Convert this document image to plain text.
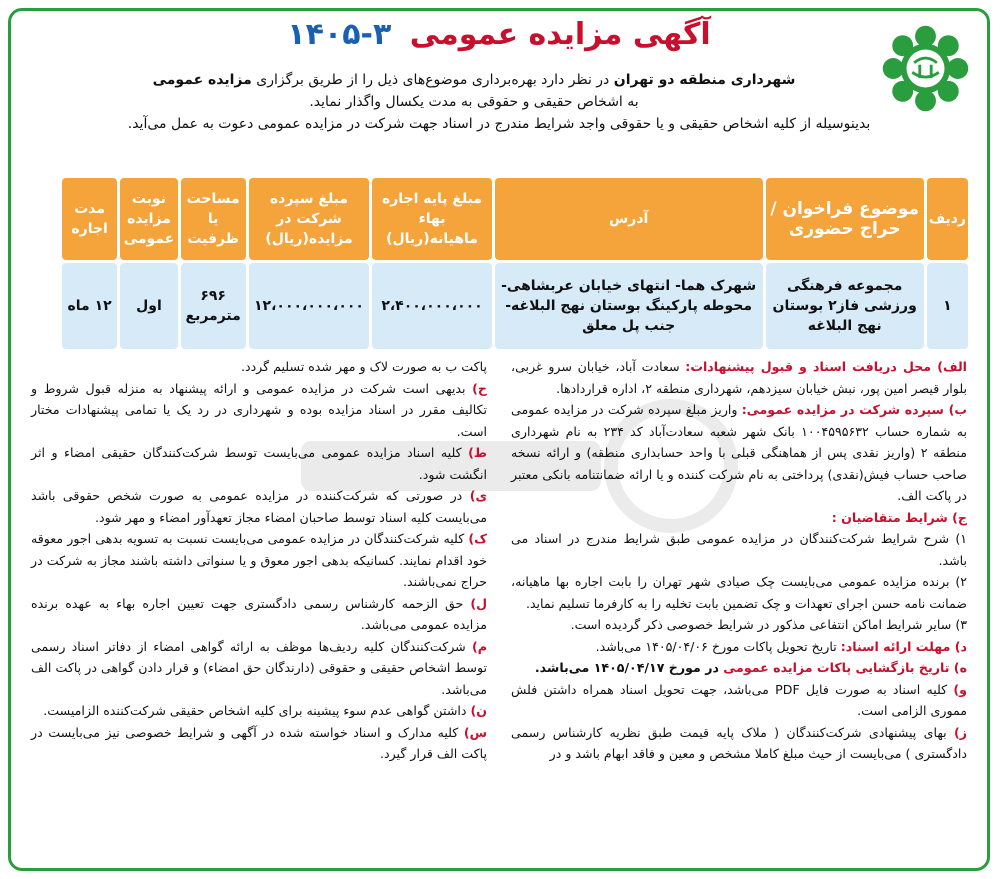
آگهی مزایده عمومی ۳-۱۴۰۵
شهرداری منطقه دو تهران در نظر دارد بهره‌برداری موضوع‌های ذیل را از طریق برگزاری مزایده عمومی
به اشخاص حقیقی و حقوقی به مدت یکسال واگذار نماید.
بدینوسیله از کلیه اشخاص حقیقی و یا حقوقی واجد شرایط مندرج در اسناد جهت شرکت در مزایده عمومی دعوت به عمل می‌آید.
ردیف	موضوع فراخوان / حراج حضوری	آدرس	مبلغ پایه اجاره بهاء ماهیانه(ریال)	مبلغ سپرده شرکت در مزایده(ریال)	مساحت یا ظرفیت	نوبت مزایده عمومی	مدت اجاره
۱	مجموعه فرهنگی ورزشی فاز۲ بوستان نهج البلاغه	شهرک هما- انتهای خیابان عربشاهی- محوطه پارکینگ بوستان نهج البلاغه- جنب پل معلق	۲،۴۰۰،۰۰۰،۰۰۰	۱۲،۰۰۰،۰۰۰،۰۰۰	۶۹۶ مترمربع	اول	۱۲ ماه

الف) محل دریافت اسناد و قبول پیشنهادات: سعادت آباد، خیابان سرو غربی، بلوار قیصر امین پور، نبش خیابان سیزدهم، شهرداری منطقه ۲، اداره قراردادها.

ب) سپرده شرکت در مزایده عمومی: واریز مبلغ سپرده شرکت در مزایده عمومی به شماره حساب ۱۰۰۴۵۹۵۶۳۲ بانک شهر شعبه سعادت‌آباد کد ۲۳۴ به نام شهرداری منطقه ۲ (واریز نقدی پس از هماهنگی قبلی با واحد حسابداری منطقه) و ارائه نسخه صاحب حساب فیش(نقدی) پرداختی به نام شرکت کننده و یا ارائه ضمانتنامه بانکی معتبر در پاکت الف.

ج) شرایط متقاضیان :

۱) شرح شرایط شرکت‌کنندگان در مزایده عمومی طبق شرایط مندرج در اسناد می باشد.

۲) برنده مزایده عمومی می‌بایست چک صیادی شهر تهران را بابت اجاره بها ماهیانه، ضمانت نامه حسن اجرای تعهدات و چک تضمین بابت تخلیه را به کارفرما تسلیم نماید.

۳) سایر شرایط اماکن انتفاعی مذکور در شرایط خصوصی ذکر گردیده است.

د) مهلت ارائه اسناد: تاریخ تحویل پاکات مورخ ۱۴۰۵/۰۴/۰۶ می‌باشد.

ه) تاریخ بازگشایی پاکات مزایده عمومی در مورخ ۱۴۰۵/۰۴/۱۷ می‌باشد.

و) کلیه اسناد به صورت فایل PDF می‌باشد، جهت تحویل اسناد همراه داشتن فلش مموری الزامی است.

ز) بهای پیشنهادی شرکت‌کنندگان ( ملاک پایه قیمت طبق نظریه کارشناس رسمی دادگستری ) می‌بایست از حیث مبلغ کاملا مشخص و معین و فاقد ابهام باشد و در

پاکت ب به صورت لاک و مهر شده تسلیم گردد.

ح) بدیهی است شرکت در مزایده عمومی و ارائه پیشنهاد به منزله قبول شروط و تکالیف مقرر در اسناد مزایده بوده و شهرداری در رد یک یا تمامی پیشنهادات مختار است.

ط) کلیه اسناد مزایده عمومی می‌بایست توسط شرکت‌کنندگان حقیقی امضاء و اثر انگشت شود.

ی) در صورتی که شرکت‌کننده در مزایده عمومی به صورت شخص حقوقی باشد می‌بایست کلیه اسناد توسط صاحبان امضاء مجاز تعهدآور امضاء و مهر شود.

ک) کلیه شرکت‌کنندگان در مزایده عمومی می‌بایست نسبت به تسویه بدهی اجور معوقه خود اقدام نمایند. کسانیکه بدهی اجور معوق و یا سنواتی داشته باشند مجاز به شرکت در حراج نمی‌باشند.

ل) حق الزحمه کارشناس رسمی دادگستری جهت تعیین اجاره بهاء به عهده برنده مزایده عمومی می‌باشد.

م) شرکت‌کنندگان کلیه ردیف‌ها موظف به ارائه گواهی امضاء از دفاتر اسناد رسمی توسط اشخاص حقیقی و حقوقی (دارندگان حق امضاء) و قرار دادن گواهی در پاکت الف می‌باشد.

ن) داشتن گواهی عدم سوء پیشینه برای کلیه اشخاص حقیقی شرکت‌کننده الزامیست.

س) کلیه مدارک و اسناد خواسته شده در آگهی و شرایط خصوصی نیز می‌بایست در پاکت الف قرار گیرد.
